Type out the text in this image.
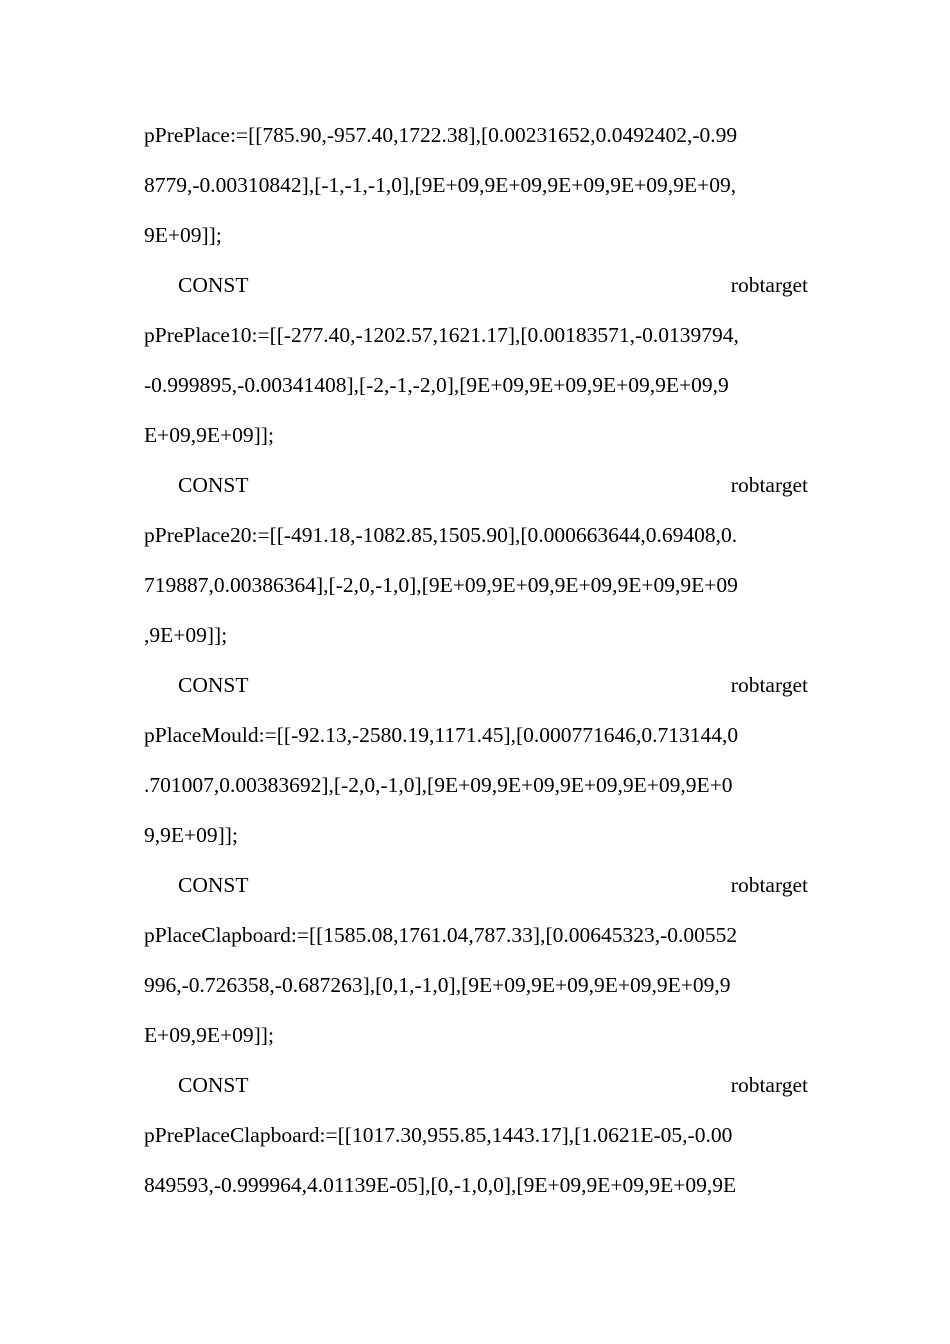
pPrePlace:=[[785.90,-957.40,1722.38],[0.00231652,0.0492402,-0.99
8779,-0.00310842],[-1,-1,-1,0],[9E+09,9E+09,9E+09,9E+09,9E+09,
9E+09]];
CONST	robtarget
pPrePlace10:=[[-277.40,-1202.57,1621.17],[0.00183571,-0.0139794,
-0.999895,-0.00341408],[-2,-1,-2,0],[9E+09,9E+09,9E+09,9E+09,9
E+09,9E+09]];
CONST	robtarget
pPrePlace20:=[[-491.18,-1082.85,1505.90],[0.000663644,0.69408,0.
719887,0.00386364],[-2,0,-1,0],[9E+09,9E+09,9E+09,9E+09,9E+09
,9E+09]];
CONST	robtarget
pPlaceMould:=[[-92.13,-2580.19,1171.45],[0.000771646,0.713144,0
.701007,0.00383692],[-2,0,-1,0],[9E+09,9E+09,9E+09,9E+09,9E+0
9,9E+09]];
CONST	robtarget
pPlaceClapboard:=[[1585.08,1761.04,787.33],[0.00645323,-0.00552
996,-0.726358,-0.687263],[0,1,-1,0],[9E+09,9E+09,9E+09,9E+09,9
E+09,9E+09]];
CONST	robtarget
pPrePlaceClapboard:=[[1017.30,955.85,1443.17],[1.0621E-05,-0.00
849593,-0.999964,4.01139E-05],[0,-1,0,0],[9E+09,9E+09,9E+09,9E
